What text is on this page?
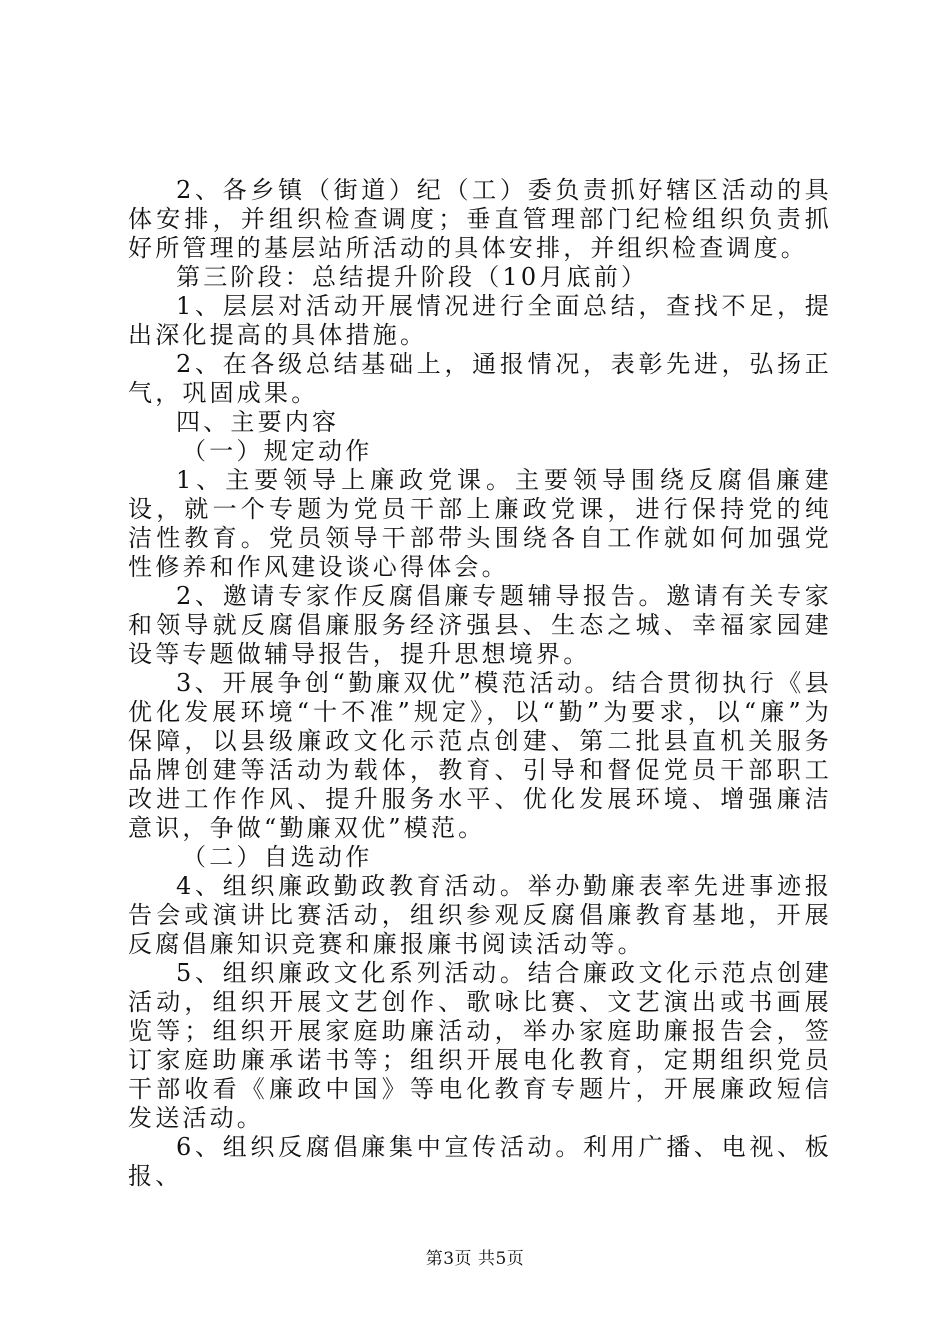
2、各乡镇（街道）纪（工）委负责抓好辖区活动的具体安排，并组织检查调度；垂直管理部门纪检组织负责抓好所管理的基层站所活动的具体安排，并组织检查调度。

第三阶段：总结提升阶段（10月底前）

1、层层对活动开展情况进行全面总结，查找不足，提出深化提高的具体措施。

2、在各级总结基础上，通报情况，表彰先进，弘扬正气，巩固成果。

四、主要内容

（一）规定动作

1、主要领导上廉政党课。主要领导围绕反腐倡廉建设，就一个专题为党员干部上廉政党课，进行保持党的纯洁性教育。党员领导干部带头围绕各自工作就如何加强党性修养和作风建设谈心得体会。

2、邀请专家作反腐倡廉专题辅导报告。邀请有关专家和领导就反腐倡廉服务经济强县、生态之城、幸福家园建设等专题做辅导报告，提升思想境界。

3、开展争创“勤廉双优”模范活动。结合贯彻执行《县优化发展环境“十不准”规定》，以“勤”为要求，以“廉”为保障，以县级廉政文化示范点创建、第二批县直机关服务品牌创建等活动为载体，教育、引导和督促党员干部职工改进工作作风、提升服务水平、优化发展环境、增强廉洁意识，争做“勤廉双优”模范。

（二）自选动作

4、组织廉政勤政教育活动。举办勤廉表率先进事迹报告会或演讲比赛活动，组织参观反腐倡廉教育基地，开展反腐倡廉知识竞赛和廉报廉书阅读活动等。

5、组织廉政文化系列活动。结合廉政文化示范点创建活动，组织开展文艺创作、歌咏比赛、文艺演出或书画展览等；组织开展家庭助廉活动，举办家庭助廉报告会，签订家庭助廉承诺书等；组织开展电化教育，定期组织党员干部收看《廉政中国》等电化教育专题片，开展廉政短信发送活动。

6、组织反腐倡廉集中宣传活动。利用广播、电视、板报、

第3页 共5页
